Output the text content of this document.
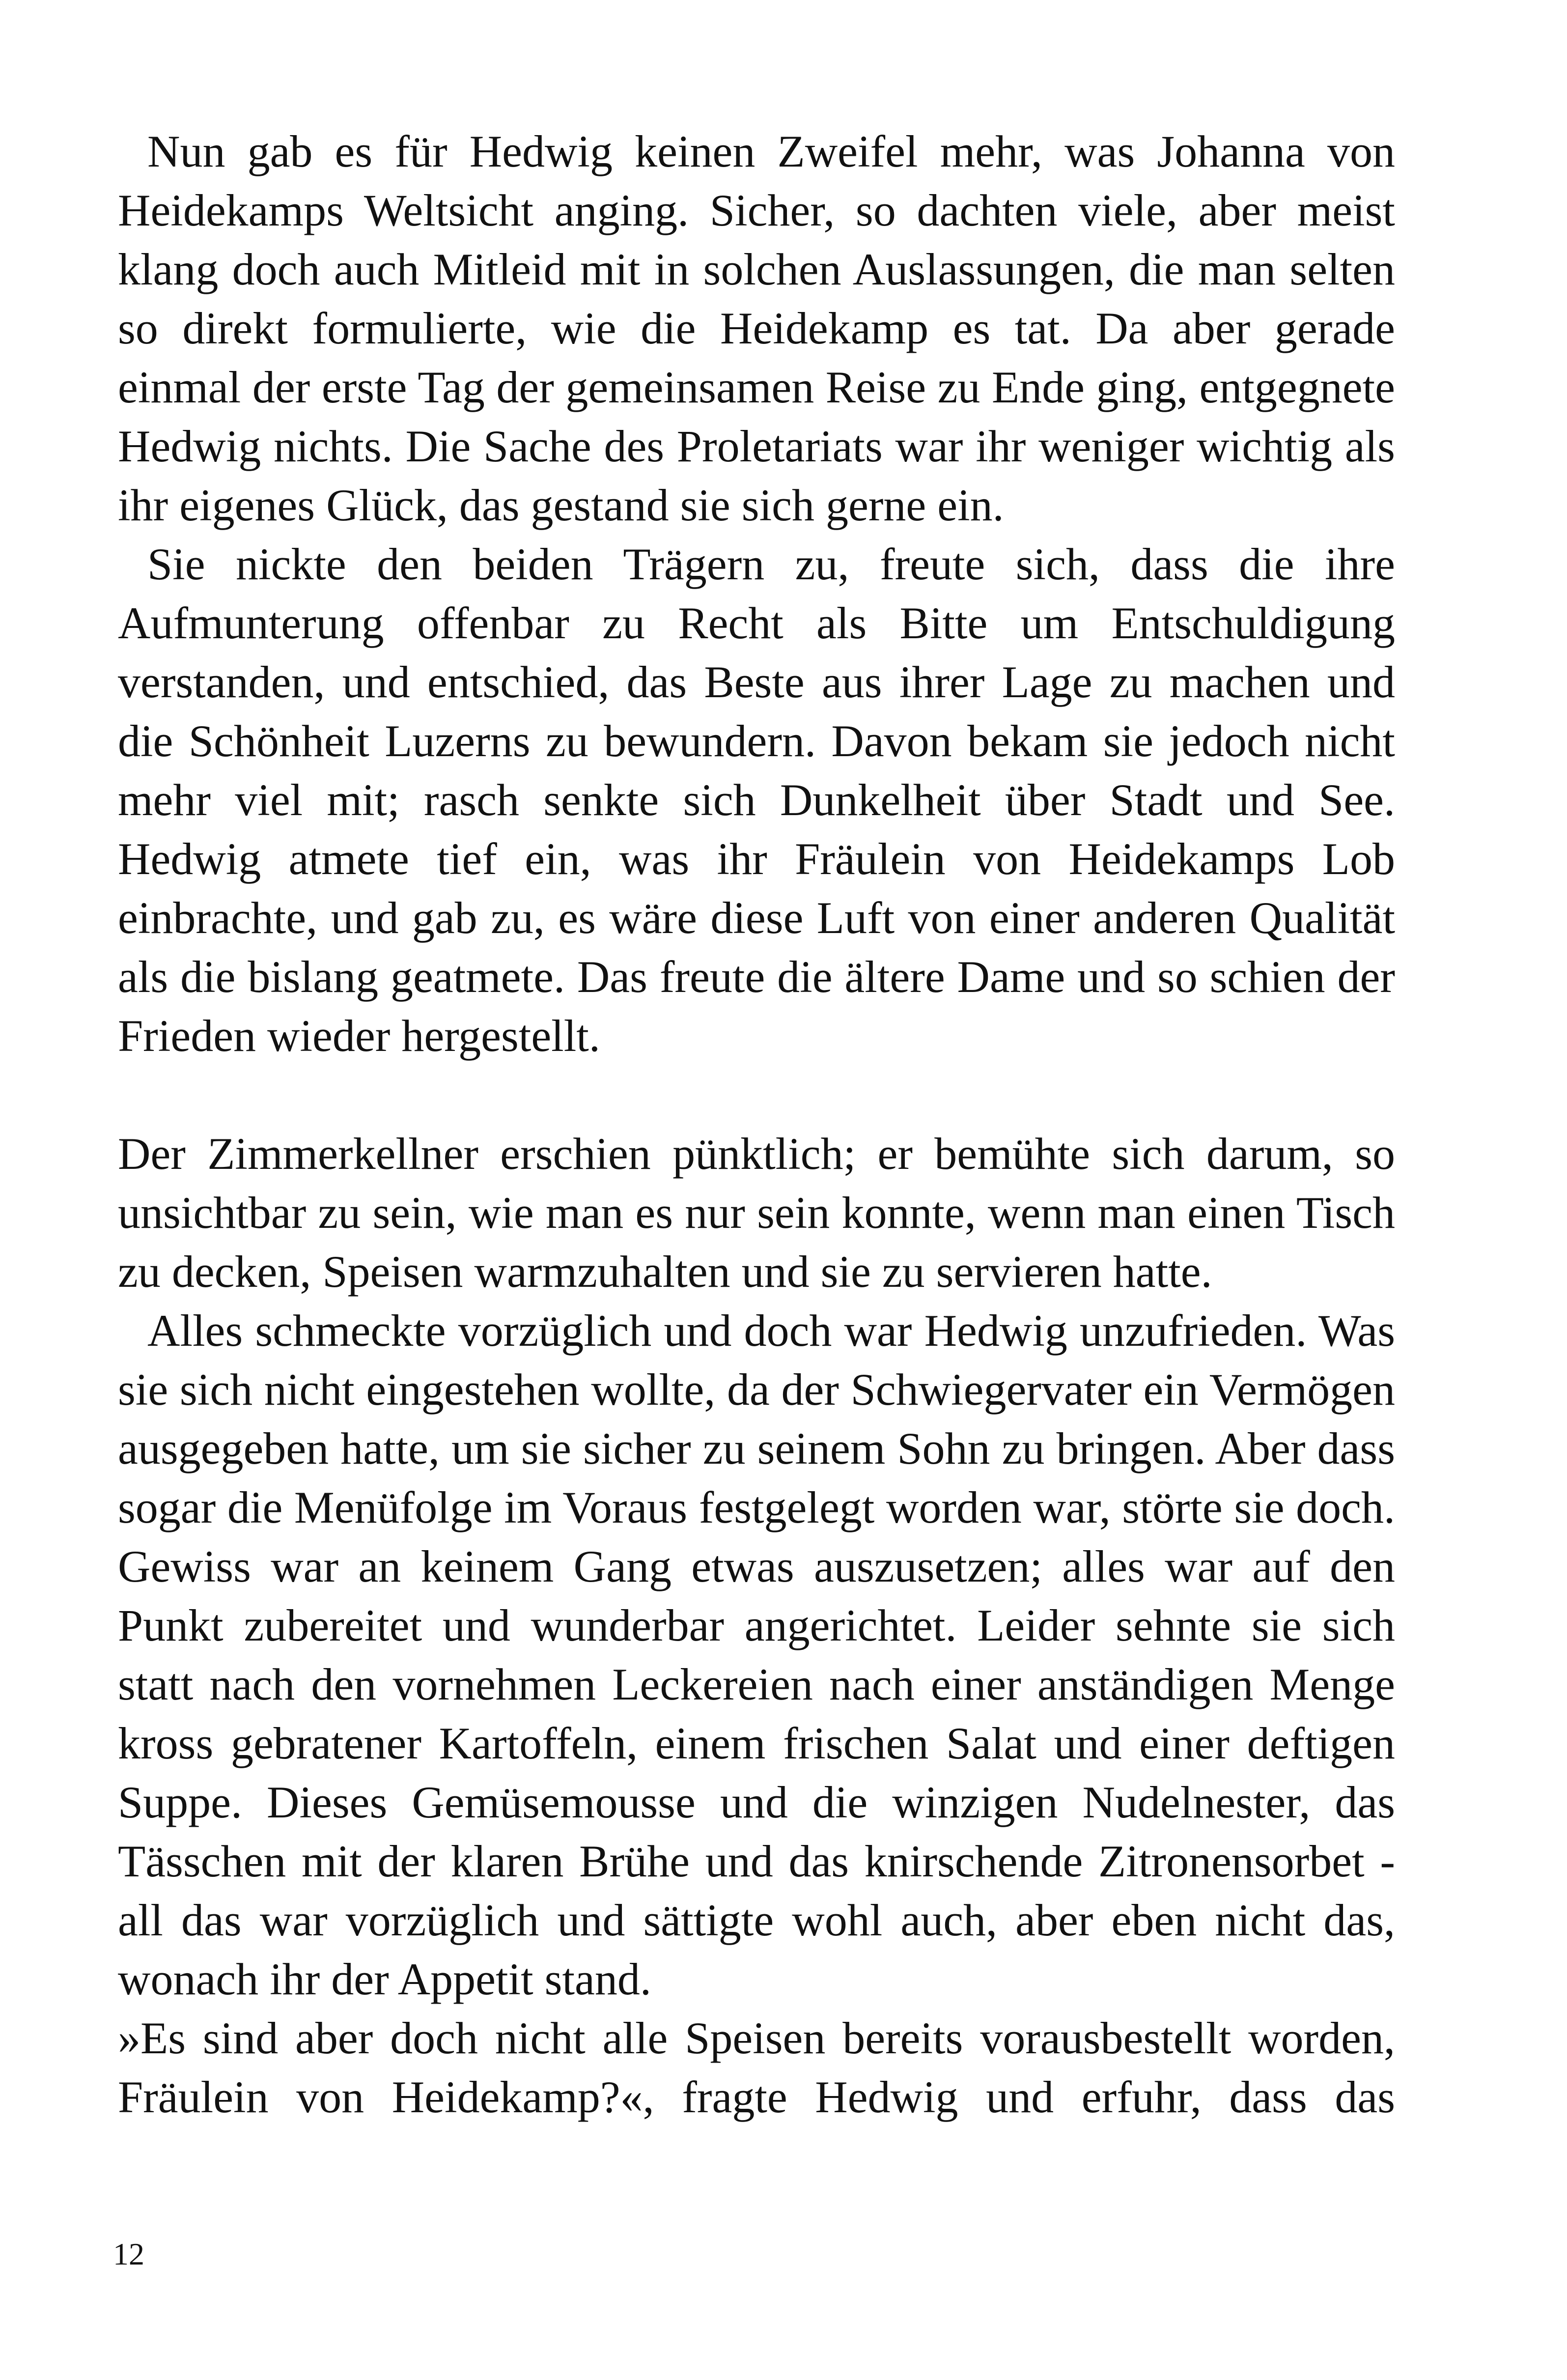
Nun gab es für Hedwig keinen Zweifel mehr, was Johanna von Heidekamps Weltsicht anging. Sicher, so dachten viele, aber meist klang doch auch Mitleid mit in solchen Auslassungen, die man selten so direkt formulierte, wie die Heidekamp es tat. Da aber gerade einmal der erste Tag der gemeinsamen Reise zu Ende ging, entgegnete Hedwig nichts. Die Sache des Proletariats war ihr weniger wichtig als ihr eigenes Glück, das gestand sie sich gerne ein.

Sie nickte den beiden Trägern zu, freute sich, dass die ihre Aufmunterung offenbar zu Recht als Bitte um Entschuldigung verstanden, und entschied, das Beste aus ihrer Lage zu machen und die Schönheit Luzerns zu bewundern. Davon bekam sie jedoch nicht mehr viel mit; rasch senkte sich Dunkelheit über Stadt und See. Hedwig atmete tief ein, was ihr Fräulein von Heidekamps Lob einbrachte, und gab zu, es wäre diese Luft von einer anderen Qualität als die bislang geatmete. Das freute die ältere Dame und so schien der Frieden wieder hergestellt.

Der Zimmerkellner erschien pünktlich; er bemühte sich darum, so unsichtbar zu sein, wie man es nur sein konnte, wenn man einen Tisch zu decken, Speisen warmzuhalten und sie zu servieren hatte.

Alles schmeckte vorzüglich und doch war Hedwig unzufrieden. Was sie sich nicht eingestehen wollte, da der Schwiegervater ein Vermögen ausgegeben hatte, um sie sicher zu seinem Sohn zu bringen. Aber dass sogar die Menüfolge im Voraus festgelegt worden war, störte sie doch. Gewiss war an keinem Gang etwas auszusetzen; alles war auf den Punkt zubereitet und wunderbar angerichtet. Leider sehnte sie sich statt nach den vornehmen Leckereien nach einer anständigen Menge kross gebratener Kartoffeln, einem frischen Salat und einer deftigen Suppe. Dieses Gemüsemousse und die winzigen Nudelnester, das Tässchen mit der klaren Brühe und das knirschende Zitronensorbet - all das war vorzüglich und sättigte wohl auch, aber eben nicht das, wonach ihr der Appetit stand.

»Es sind aber doch nicht alle Speisen bereits vorausbestellt worden, Fräulein von Heidekamp?«, fragte Hedwig und erfuhr, dass das

12
